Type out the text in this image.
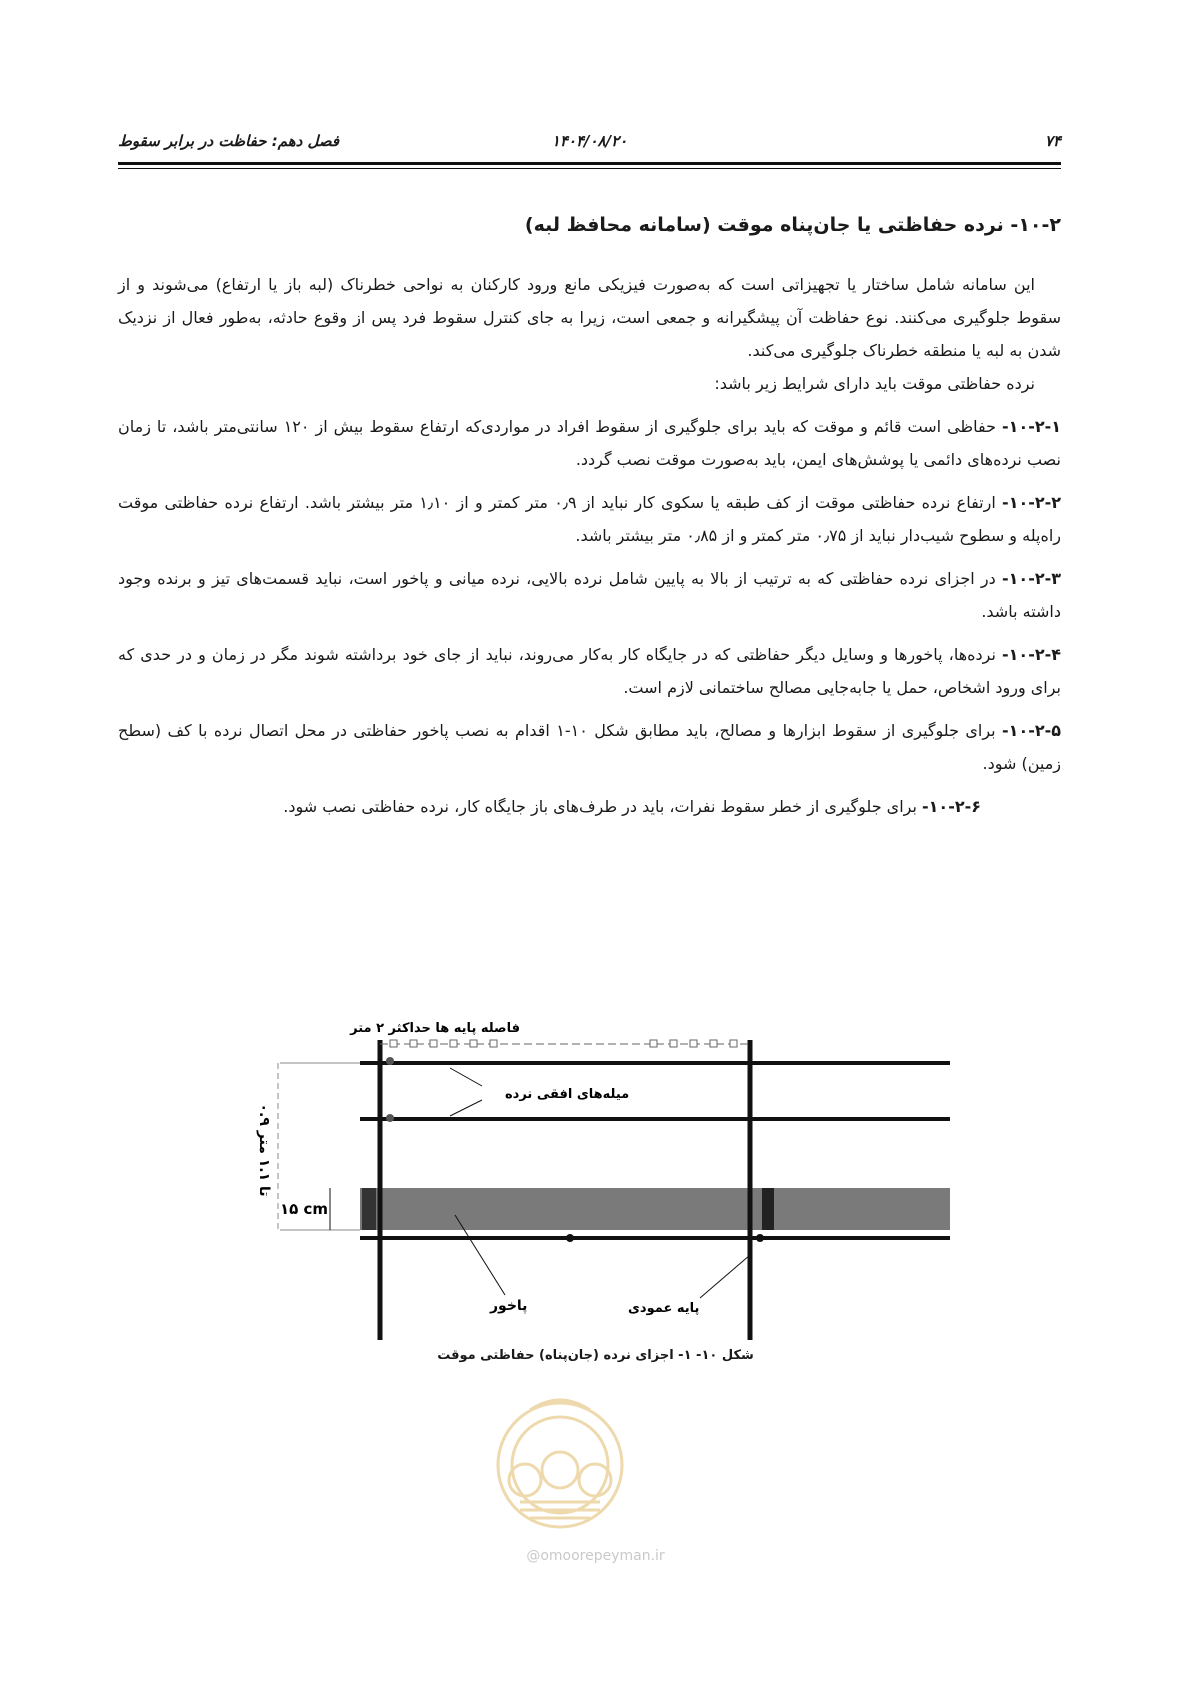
فصل دهم: حفاظت در برابر سقوط	۱۴۰۴/۰۸/۲۰	۷۴
۱۰-۲- نرده حفاظتی یا جان‌پناه موقت (سامانه محافظ لبه)

این سامانه شامل ساختار یا تجهیزاتی است که به‌صورت فیزیکی مانع ورود کارکنان به نواحی خطرناک (لبه باز یا ارتفاع) می‌شوند و از سقوط جلوگیری می‌کنند. نوع حفاظت آن پیشگیرانه و جمعی است، زیرا به جای کنترل سقوط فرد پس از وقوع حادثه، به‌طور فعال از نزدیک شدن به لبه یا منطقه خطرناک جلوگیری می‌کند.

نرده حفاظتی موقت باید دارای شرایط زیر باشد:

۱۰-۲-۱- حفاظی است قائم و موقت که باید برای جلوگیری از سقوط افراد در مواردی‌که ارتفاع سقوط بیش از ۱۲۰ سانتی‌متر باشد، تا زمان نصب نرده‌های دائمی یا پوشش‌های ایمن، باید به‌صورت موقت نصب گردد.

۱۰-۲-۲- ارتفاع نرده حفاظتی موقت از کف طبقه یا سکوی کار نباید از ۰٫۹ متر کمتر و از ۱٫۱۰ متر بیشتر باشد. ارتفاع نرده حفاظتی موقت راه‌پله و سطوح شیب‌دار نباید از ۰٫۷۵ متر کمتر و از ۰٫۸۵ متر بیشتر باشد.

۱۰-۲-۳- در اجزای نرده حفاظتی که به ترتیب از بالا به پایین شامل نرده بالایی، نرده میانی و پاخور است، نباید قسمت‌های تیز و برنده وجود داشته باشد.

۱۰-۲-۴- نرده‌ها، پاخورها و وسایل دیگر حفاظتی که در جایگاه کار به‌کار می‌روند، نباید از جای خود برداشته شوند مگر در زمان و در حدی که برای ورود اشخاص، حمل یا جابه‌جایی مصالح ساختمانی لازم است.

۱۰-۲-۵- برای جلوگیری از سقوط ابزارها و مصالح، باید مطابق شکل ۱۰-۱ اقدام به نصب پاخور حفاظتی در محل اتصال نرده با کف (سطح زمین) شود.

۱۰-۲-۶- برای جلوگیری از خطر سقوط نفرات، باید در طرف‌های باز جایگاه کار، نرده حفاظتی نصب شود.

فاصله پایه ها حداکثر ۲ متر
میله‌های افقی نرده
۰.۹ تا ۱.۱ متر
۱۵ cm
پاخور	پایه عمودی
شکل ۱۰- ۱- اجزای نرده (جان‌پناه) حفاظتی موقت
@omoorepeyman.ir
